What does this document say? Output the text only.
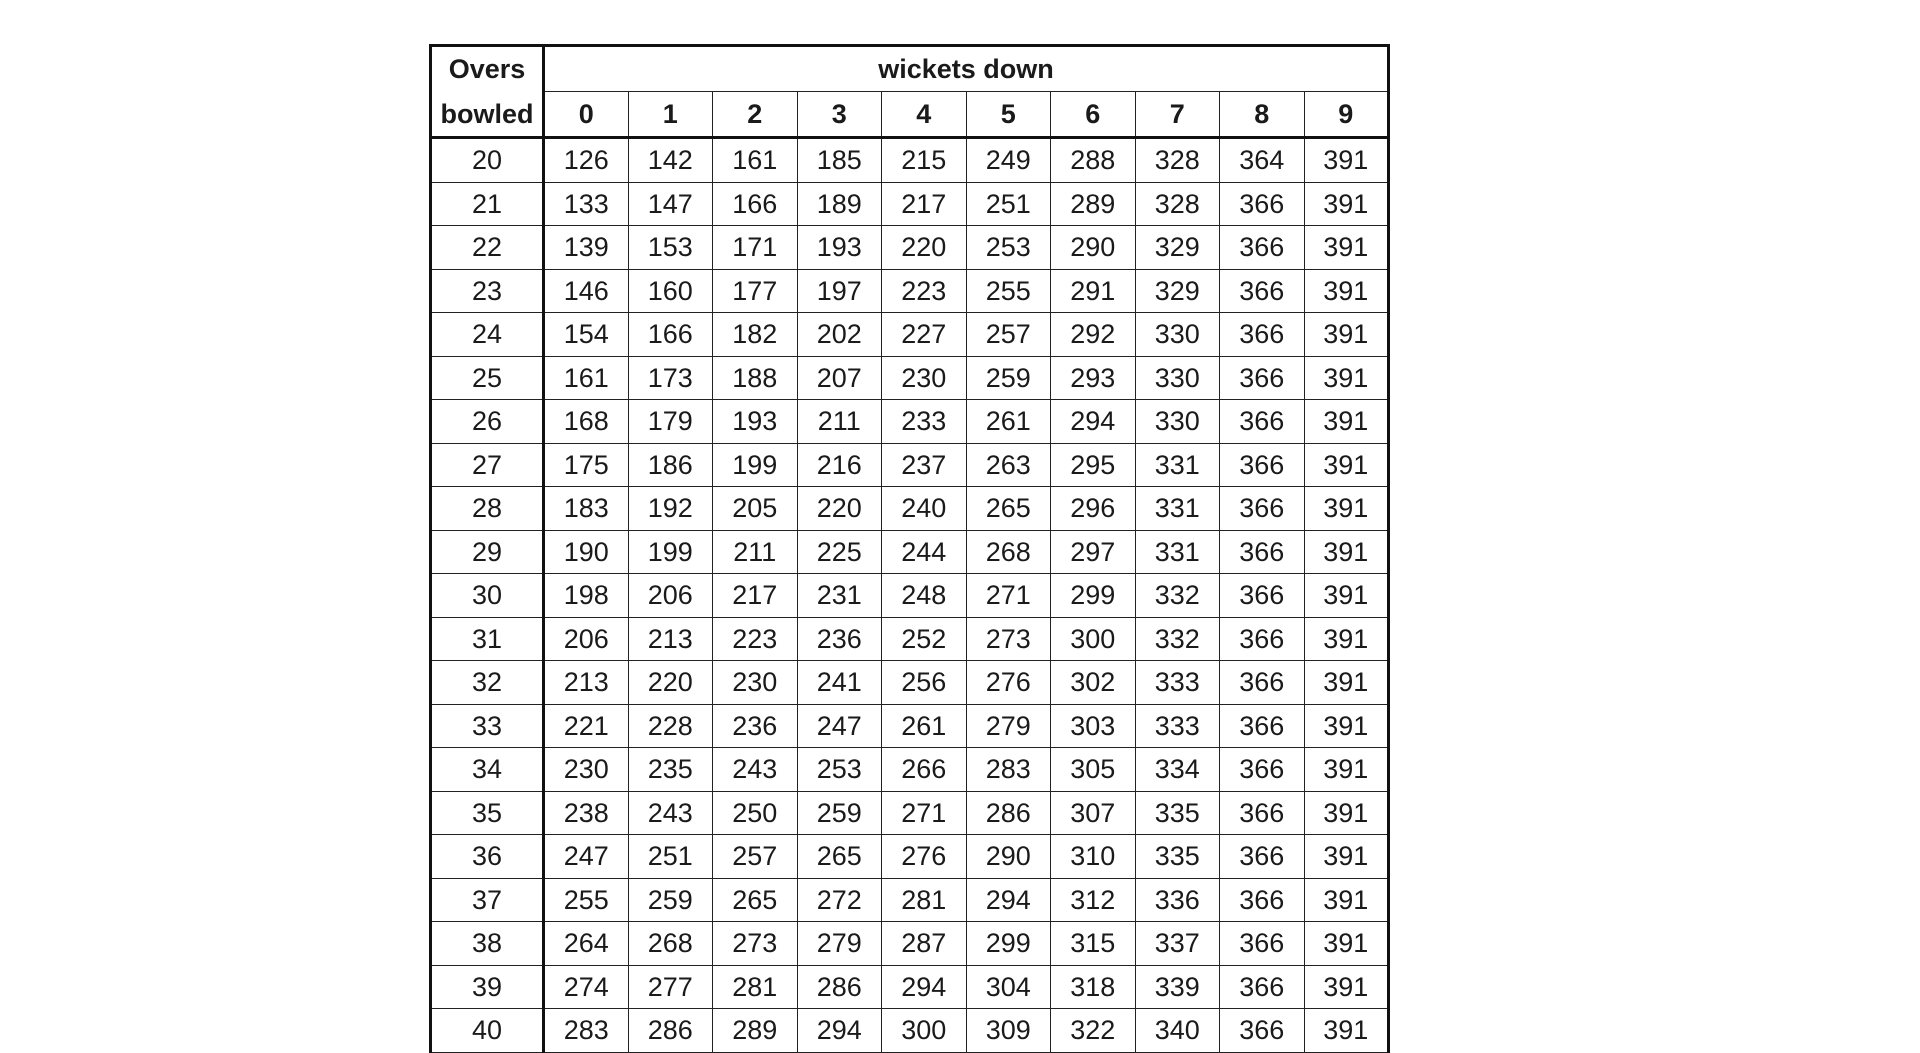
Overs	wickets down									
bowled	0	1	2	3	4	5	6	7	8	9
20	126	142	161	185	215	249	288	328	364	391
21	133	147	166	189	217	251	289	328	366	391
22	139	153	171	193	220	253	290	329	366	391
23	146	160	177	197	223	255	291	329	366	391
24	154	166	182	202	227	257	292	330	366	391
25	161	173	188	207	230	259	293	330	366	391
26	168	179	193	211	233	261	294	330	366	391
27	175	186	199	216	237	263	295	331	366	391
28	183	192	205	220	240	265	296	331	366	391
29	190	199	211	225	244	268	297	331	366	391
30	198	206	217	231	248	271	299	332	366	391
31	206	213	223	236	252	273	300	332	366	391
32	213	220	230	241	256	276	302	333	366	391
33	221	228	236	247	261	279	303	333	366	391
34	230	235	243	253	266	283	305	334	366	391
35	238	243	250	259	271	286	307	335	366	391
36	247	251	257	265	276	290	310	335	366	391
37	255	259	265	272	281	294	312	336	366	391
38	264	268	273	279	287	299	315	337	366	391
39	274	277	281	286	294	304	318	339	366	391
40	283	286	289	294	300	309	322	340	366	391
